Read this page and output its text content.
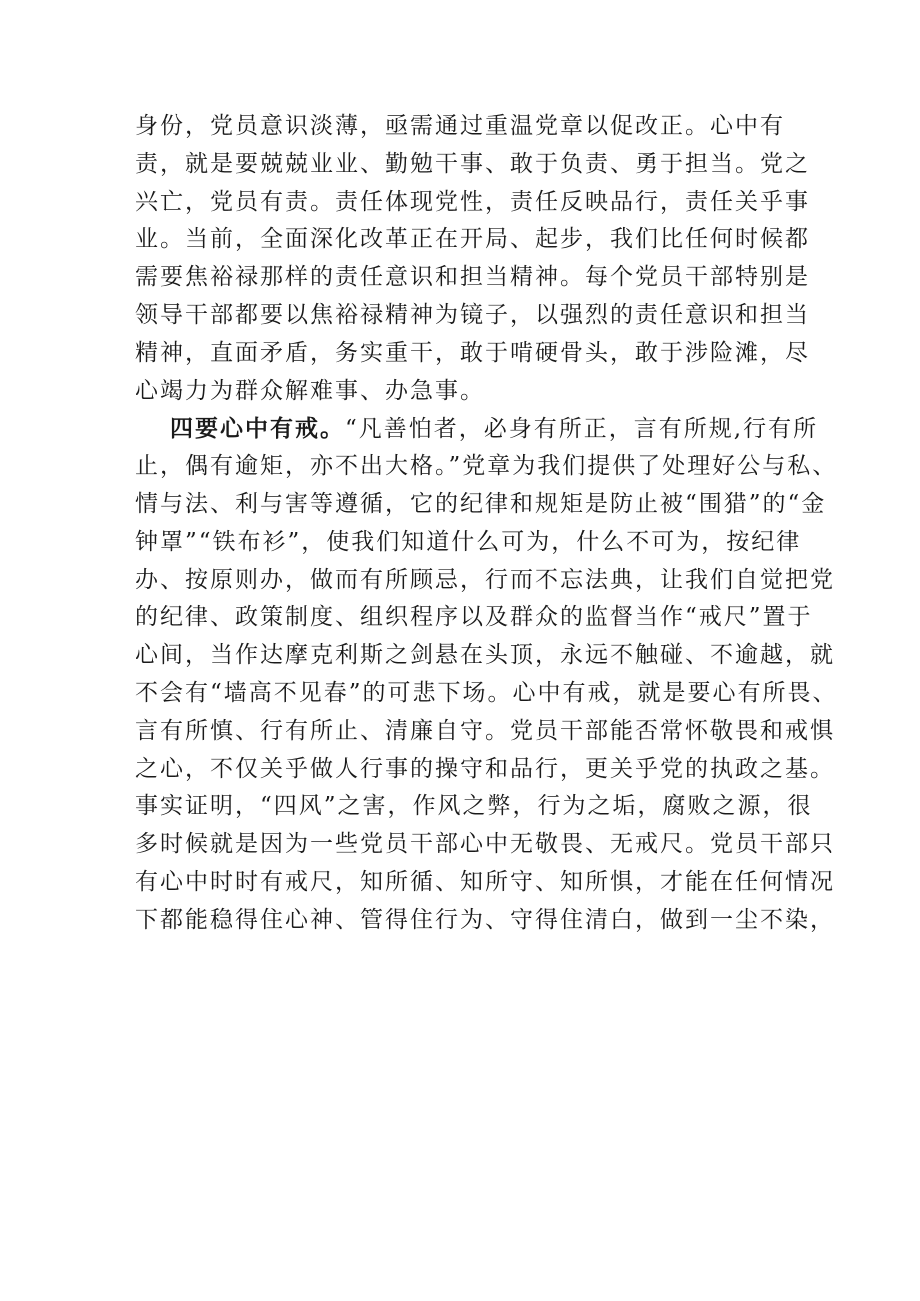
身份，党员意识淡薄，亟需通过重温党章以促改正。心中有
责，就是要兢兢业业、勤勉干事、敢于负责、勇于担当。党之
兴亡，党员有责。责任体现党性，责任反映品行，责任关乎事
业。当前，全面深化改革正在开局、起步，我们比任何时候都
需要焦裕禄那样的责任意识和担当精神。每个党员干部特别是
领导干部都要以焦裕禄精神为镜子，以强烈的责任意识和担当
精神，直面矛盾，务实重干，敢于啃硬骨头，敢于涉险滩，尽
心竭力为群众解难事、办急事。
四要心中有戒。“凡善怕者，必身有所正，言有所规,行有所
止，偶有逾矩，亦不出大格。”党章为我们提供了处理好公与私、
情与法、利与害等遵循，它的纪律和规矩是防止被“围猎”的“金
钟罩”“铁布衫”，使我们知道什么可为，什么不可为，按纪律
办、按原则办，做而有所顾忌，行而不忘法典，让我们自觉把党
的纪律、政策制度、组织程序以及群众的监督当作“戒尺”置于
心间，当作达摩克利斯之剑悬在头顶，永远不触碰、不逾越，就
不会有“墙高不见春”的可悲下场。心中有戒，就是要心有所畏、
言有所慎、行有所止、清廉自守。党员干部能否常怀敬畏和戒惧
之心，不仅关乎做人行事的操守和品行，更关乎党的执政之基。
事实证明，“四风”之害，作风之弊，行为之垢，腐败之源，很
多时候就是因为一些党员干部心中无敬畏、无戒尺。党员干部只
有心中时时有戒尺，知所循、知所守、知所惧，才能在任何情况
下都能稳得住心神、管得住行为、守得住清白，做到一尘不染，
